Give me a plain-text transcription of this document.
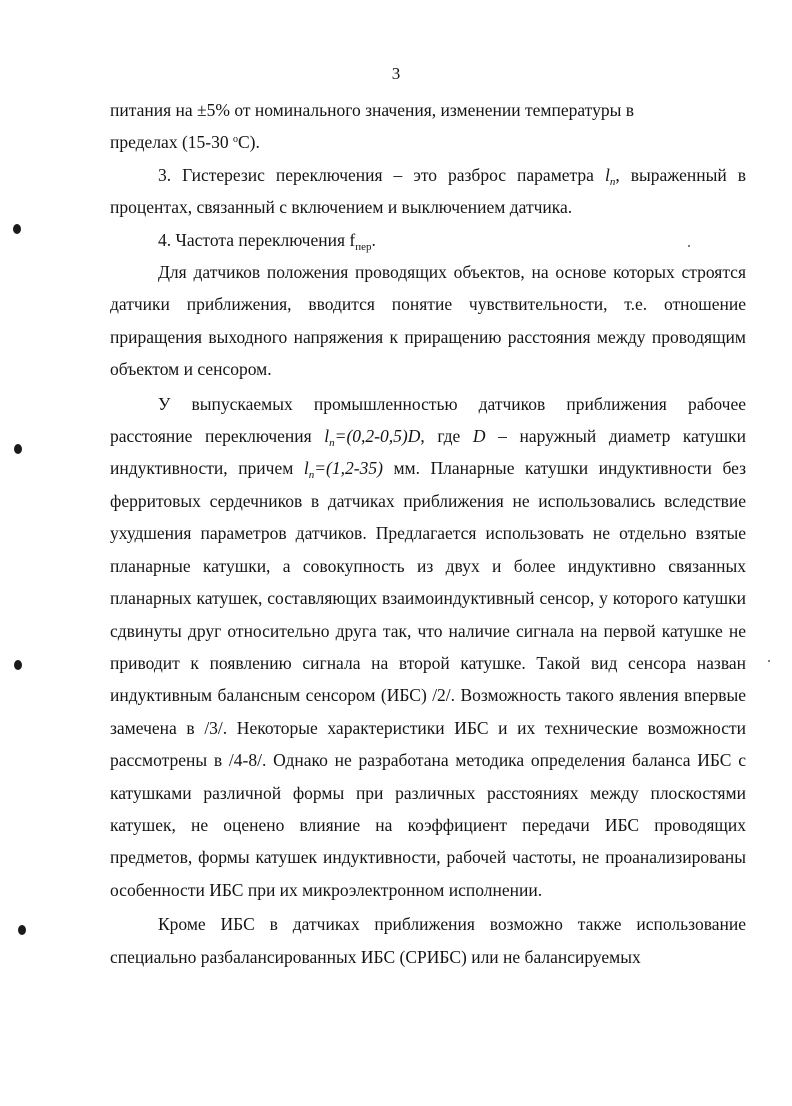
3

питания на ±5% от номинального значения, изменении температуры в

пределах (15-30 $^o$С).

3. Гистерезис переключения – это разброс параметра $l_n$, выраженный в процентах, связанный с включением и выключением датчика.

4. Частота переключения $f_{пер}$.

Для датчиков положения проводящих объектов, на основе которых строятся датчики приближения, вводится понятие чувствительности, т.е. отношение приращения выходного напряжения к приращению расстояния между проводящим объектом и сенсором.

У выпускаемых промышленностью датчиков приближения рабочее расстояние переключения $l_n=(0,2-0,5)D$, где D – наружный диаметр катушки индуктивности, причем $l_n=(1,2-35)$ мм. Планарные катушки индуктивности без ферритовых сердечников в датчиках приближения не использовались вследствие ухудшения параметров датчиков. Предлагается использовать не отдельно взятые планарные катушки, а совокупность из двух и более индуктивно связанных планарных катушек, составляющих взаимоиндуктивный сенсор, у которого катушки сдвинуты друг относительно друга так, что наличие сигнала на первой катушке не приводит к появлению сигнала на второй катушке. Такой вид сенсора назван индуктивным балансным сенсором (ИБС) /2/. Возможность такого явления впервые замечена в /3/. Некоторые характеристики ИБС и их технические возможности рассмотрены в /4-8/. Однако не разработана методика определения баланса ИБС с катушками различной формы при различных расстояниях между плоскостями катушек, не оценено влияние на коэффициент передачи ИБС проводящих предметов, формы катушек индуктивности, рабочей частоты, не проанализированы особенности ИБС при их микроэлектронном исполнении.

Кроме ИБС в датчиках приближения возможно также использование специально разбалансированных ИБС (СРИБС) или не балансируемых
